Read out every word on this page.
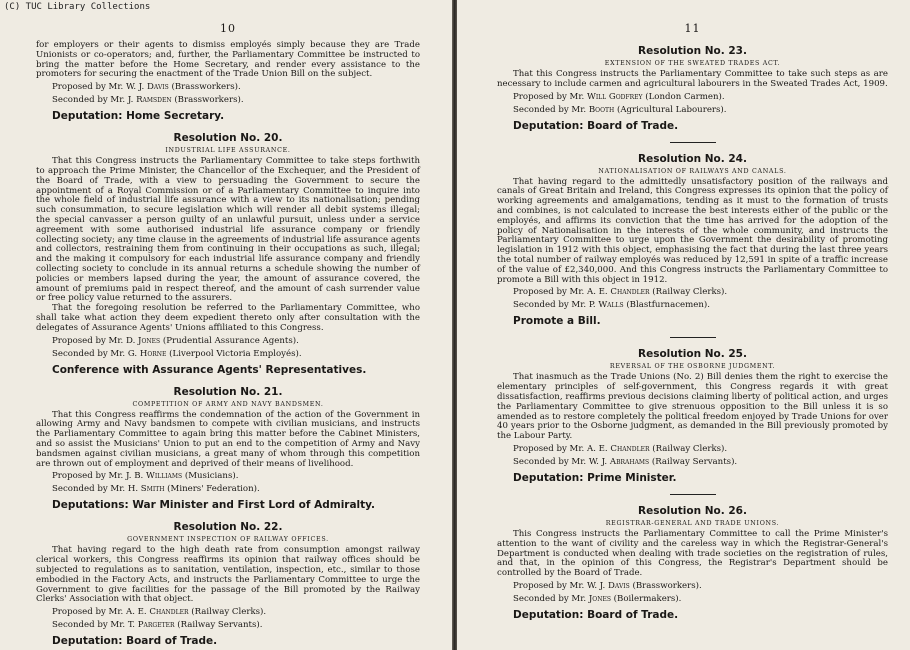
10

for employers or their agents to dismiss employés simply because they are Trade Unionists or co-operators; and, further, the Parliamentary Committee be instructed to bring the matter before the Home Secretary, and render every assistance to the promoters for securing the enactment of the Trade Union Bill on the subject.

Proposed by Mr. W. J. Davis (Brassworkers).
Seconded by Mr. J. Ramsden (Brassworkers).
Deputation: Home Secretary.
Resolution No. 20.
INDUSTRIAL LIFE ASSURANCE.

That this Congress instructs the Parliamentary Committee to take steps forthwith to approach the Prime Minister, the Chancellor of the Exchequer, and the President of the Board of Trade, with a view to persuading the Government to secure the appointment of a Royal Commission or of a Parliamentary Committee to inquire into the whole field of industrial life assurance with a view to its nationalisation; pending such consummation, to secure legislation which will render all debit systems illegal; the special canvasser a person guilty of an unlawful pursuit, unless under a service agreement with some authorised industrial life assurance company or friendly collecting society; any time clause in the agreements of industrial life assurance agents and collectors, restraining them from continuing in their occupations as such, illegal; and the making it compulsory for each industrial life assurance company and friendly collecting society to conclude in its annual returns a schedule showing the number of policies or members lapsed during the year, the amount of assurance covered, the amount of premiums paid in respect thereof, and the amount of cash surrender value or free policy value returned to the assurers.

That the foregoing resolution be referred to the Parliamentary Committee, who shall take what action they deem expedient thereto only after consultation with the delegates of Assurance Agents' Unions affiliated to this Congress.

Proposed by Mr. D. Jones (Prudential Assurance Agents).
Seconded by Mr. G. Horne (Liverpool Victoria Employés).
Conference with Assurance Agents' Representatives.
Resolution No. 21.
COMPETITION OF ARMY AND NAVY BANDSMEN.

That this Congress reaffirms the condemnation of the action of the Government in allowing Army and Navy bandsmen to compete with civilian musicians, and instructs the Parliamentary Committee to again bring this matter before the Cabinet Ministers, and so assist the Musicians' Union to put an end to the competition of Army and Navy bandsmen against civilian musicians, a great many of whom through this competition are thrown out of employment and deprived of their means of livelihood.

Proposed by Mr. J. B. Williams (Musicians).
Seconded by Mr. H. Smith (Miners' Federation).
Deputations: War Minister and First Lord of Admiralty.
Resolution No. 22.
GOVERNMENT INSPECTION OF RAILWAY OFFICES.

That having regard to the high death rate from consumption amongst railway clerical workers, this Congress reaffirms its opinion that railway offices should be subjected to regulations as to sanitation, ventilation, inspection, etc., similar to those embodied in the Factory Acts, and instructs the Parliamentary Committee to urge the Government to give facilities for the passage of the Bill promoted by the Railway Clerks' Association with that object.

Proposed by Mr. A. E. Chandler (Railway Clerks).
Seconded by Mr. T. Pargeter (Railway Servants).
Deputation: Board of Trade.
11
Resolution No. 23.
EXTENSION OF THE SWEATED TRADES ACT.

That this Congress instructs the Parliamentary Committee to take such steps as are necessary to include carmen and agricultural labourers in the Sweated Trades Act, 1909.

Proposed by Mr. Will Godfrey (London Carmen).
Seconded by Mr. Booth (Agricultural Labourers).
Deputation: Board of Trade.
Resolution No. 24.
NATIONALISATION OF RAILWAYS AND CANALS.

That having regard to the admittedly unsatisfactory position of the railways and canals of Great Britain and Ireland, this Congress expresses its opinion that the policy of working agreements and amalgamations, tending as it must to the formation of trusts and combines, is not calculated to increase the best interests either of the public or the employés, and affirms its conviction that the time has arrived for the adoption of the policy of Nationalisation in the interests of the whole community, and instructs the Parliamentary Committee to urge upon the Government the desirability of promoting legislation in 1912 with this object, emphasising the fact that during the last three years the total number of railway employés was reduced by 12,591 in spite of a traffic increase of the value of £2,340,000. And this Congress instructs the Parliamentary Committee to promote a Bill with this object in 1912.

Proposed by Mr. A. E. Chandler (Railway Clerks).
Seconded by Mr. P. Walls (Blastfurnacemen).
Promote a Bill.
Resolution No. 25.
REVERSAL OF THE OSBORNE JUDGMENT.

That inasmuch as the Trade Unions (No. 2) Bill denies them the right to exercise the elementary principles of self-government, this Congress regards it with great dissatisfaction, reaffirms previous decisions claiming liberty of political action, and urges the Parliamentary Committee to give strenuous opposition to the Bill unless it is so amended as to restore completely the political freedom enjoyed by Trade Unions for over 40 years prior to the Osborne judgment, as demanded in the Bill previously promoted by the Labour Party.

Proposed by Mr. A. E. Chandler (Railway Clerks).
Seconded by Mr. W. J. Abrahams (Railway Servants).
Deputation: Prime Minister.
Resolution No. 26.
REGISTRAR-GENERAL AND TRADE UNIONS.

This Congress instructs the Parliamentary Committee to call the Prime Minister's attention to the want of civility and the careless way in which the Registrar-General's Department is conducted when dealing with trade societies on the registration of rules, and that, in the opinion of this Congress, the Registrar's Department should be controlled by the Board of Trade.

Proposed by Mr. W. J. Davis (Brassworkers).
Seconded by Mr. Jones (Boilermakers).
Deputation: Board of Trade.
(C) TUC Library Collections
